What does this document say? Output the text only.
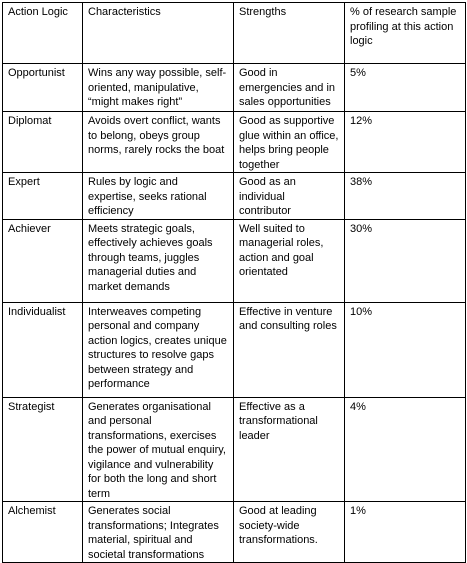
Action Logic	Characteristics	Strengths	% of research sample profiling at this action logic
Opportunist	Wins any way possible, self-oriented, manipulative, “might makes right”	Good in emergencies and in sales opportunities	5%
Diplomat	Avoids overt conflict, wants to belong, obeys group norms, rarely rocks the boat	Good as supportive glue within an office, helps bring people together	12%
Expert	Rules by logic and expertise, seeks rational efficiency	Good as an individual contributor	38%
Achiever	Meets strategic goals, effectively achieves goals through teams, juggles managerial duties and market demands	Well suited to managerial roles, action and goal orientated	30%
Individualist	Interweaves competing personal and company action logics, creates unique structures to resolve gaps between strategy and performance	Effective in venture and consulting roles	10%
Strategist	Generates organisational and personal transformations, exercises the power of mutual enquiry, vigilance and vulnerability for both the long and short term	Effective as a transformational leader	4%
Alchemist	Generates social transformations; Integrates material, spiritual and societal transformations	Good at leading society-wide transformations.	1%
